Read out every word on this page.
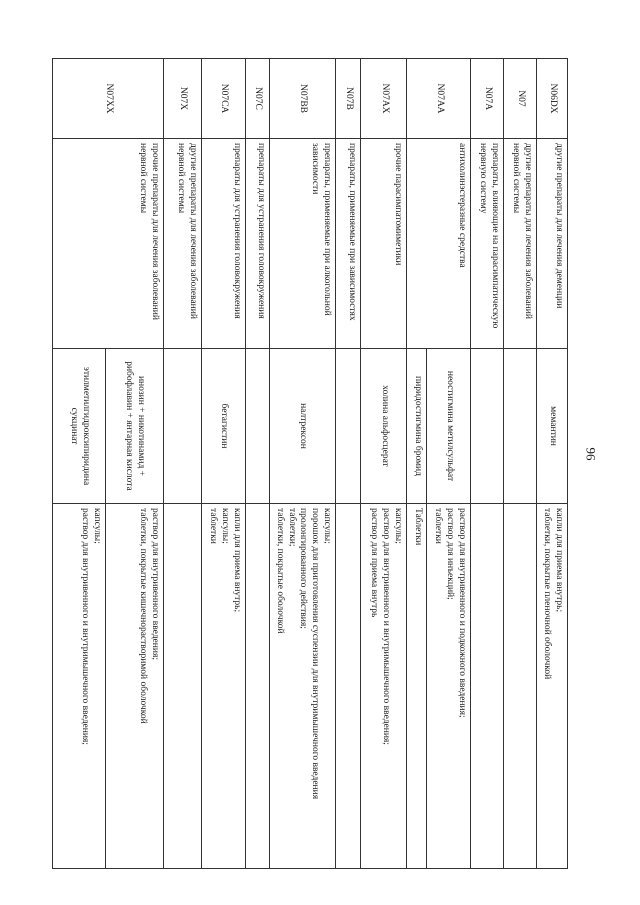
96
N06DX	другие препараты для лечения деменции	мемантин	капли для приема внутрь;
таблетки, покрытые пленочной оболочкой

N07	другие препараты для лечения заболеваний нервной системы		
N07A	препараты, влияющие на парасимпатическую нервную систему		
N07AA	антихолинэстеразные средства	неостигмина метилсульфат	раствор для внутривенного и подкожного введения;
раствор для инъекций;
таблетки

		пиридостигмина бромид	Таблетки

N07AX	прочие парасимпатомиметики	холина альфосцерат	капсулы;
раствор для внутривенного и внутримышечного введения;
раствор для приема внутрь

N07B	препараты, применяемые при зависимостях		
N07BB	препараты, применяемые при алкогольной зависимости	налтрексон	капсулы;
порошок для приготовления суспензии для внутримышечного введения пролонгированного действия;
таблетки;
таблетки, покрытые оболочкой

N07C	препараты для устранения головокружения		
N07CA	препараты для устранения головокружения	бетагистин	капли для приема внутрь;
капсулы;
таблетки

N07X	другие препараты для лечения заболеваний нервной системы		
N07XX	прочие препараты для лечения заболеваний нервной системы	инозин + никотинамид + рибофлавин + янтарная кислота	раствор для внутривенного введения;
таблетки, покрытые кишечнорастворимой оболочкой

		этилметилгидроксипиридина сукцинат	капсулы;
раствор для внутривенного и внутримышечного введения;
